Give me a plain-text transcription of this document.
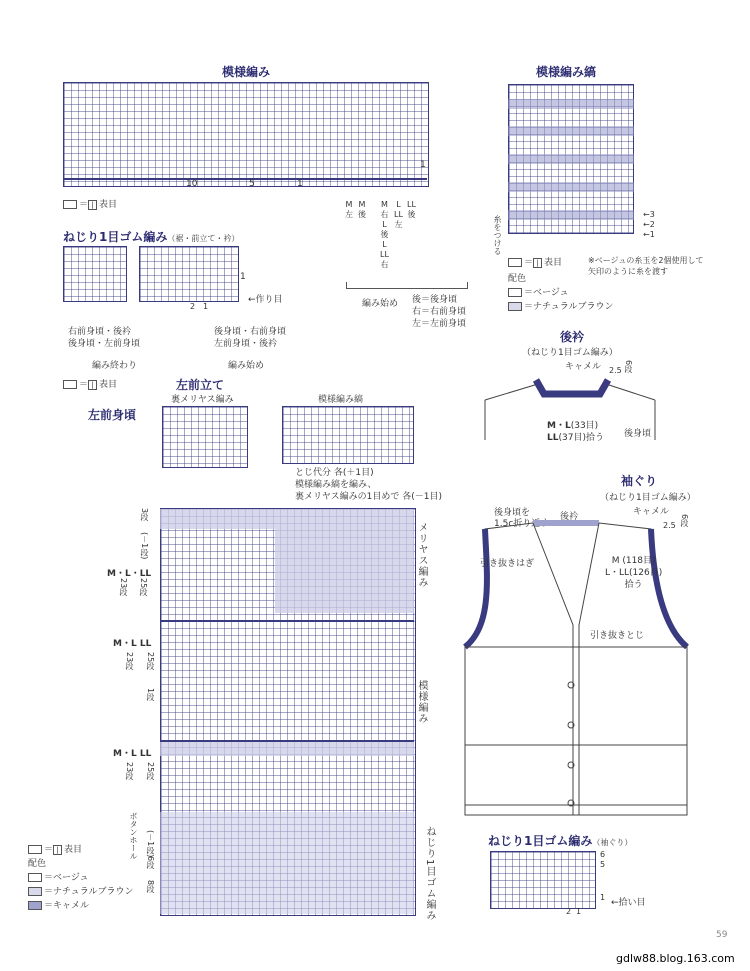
模様編み
10	5	1
1
＝ | 表目	M
左
M
後
M
右
L
後
L
LL
右
L
LL
左
LL
後
編み始め 後＝後身頃
右＝右前身頃
左＝左前身頃
模様編み縞
糸をつける
←3
←2
←1
＝ | 表目	※ベージュの糸玉を2個使用して矢印のように糸を渡す
配色
＝ベージュ
＝ナチュラルブラウン
ねじり1目ゴム編み（裾・前立て・衿）
1
2 1
←作り目
右前身頃・後衿
後身頃・左前身頃
後身頃・右前身頃
左前身頃・後衿
編み終わり	編み始め
＝ | 表目
後衿
（ねじり1目ゴム編み）
キャメル 2.5 6段
M・L(33目)
LL(37目)拾う 後身頃
左前立て
裏メリヤス編み
左前身頃
模様編み縞
とじ代分 各(＋1目)
模様編み縞を編み、
裏メリヤス編みの1目めで 各(－1目)
メリヤス編み
模様編み
ねじり1目ゴム編み
3段
(－1段)
M・L・LL
23段 25段
M・L LL
23段 25段
1段
M・L LL
23段 25段
ボタンホール (－1段)
6段
8段
袖ぐり
（ねじり1目ゴム編み）
キャメル
2.5 6段
後身頃を
1.5c折り返す
後衿
引き抜きはぎ
引き抜きとじ
M (118目)
L・LL(126目)
拾う
ねじり1目ゴム編み（袖ぐり）
6
5
1
2 1
←拾い目
＝ | 表目
配色
＝ベージュ
＝ナチュラルブラウン
＝キャメル
59
gdlw88.blog.163.com
